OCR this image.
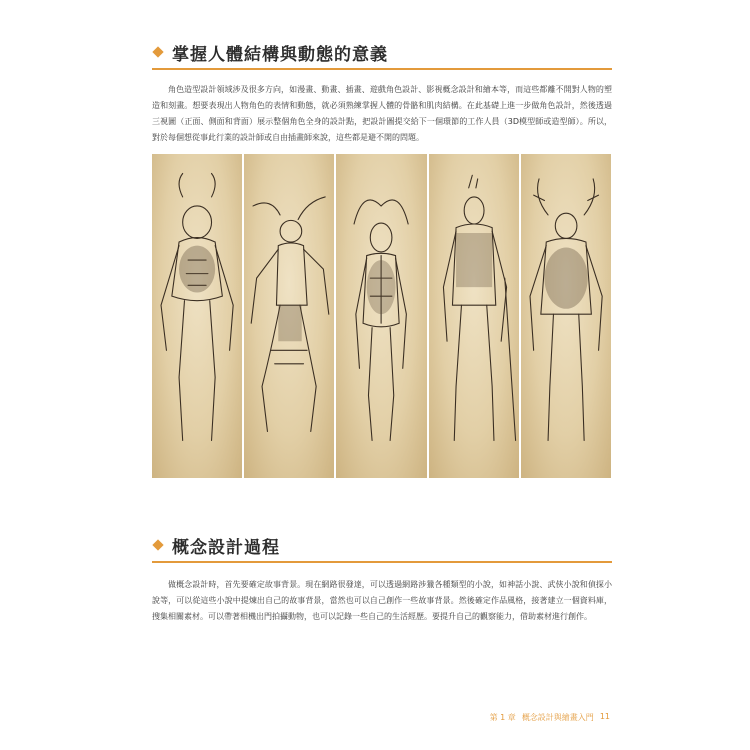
掌握人體結構與動態的意義

角色造型設計領域涉及很多方向，如漫畫、動畫、插畫、遊戲角色設計、影視概念設計和繪本等，而這些都離不開對人物的塑造和刻畫。想要表現出人物角色的表情和動態，就必須熟練掌握人體的骨骼和肌肉結構。在此基礎上進一步做角色設計，然後透過三視圖（正面、側面和背面）展示整個角色全身的設計點，把設計圖提交給下一個環節的工作人員（3D模型師或造型師）。所以，對於每個想從事此行業的設計師或自由插畫師來說，這些都是避不開的問題。

概念設計過程

做概念設計時，首先要確定故事背景。現在網路很發達，可以透過網路涉獵各種類型的小說，如神話小說、武俠小說和偵探小說等，可以從這些小說中提煉出自己的故事背景，當然也可以自己創作一些故事背景。然後確定作品風格，接著建立一個資料庫，搜集相關素材。可以帶著相機出門拍攝動物，也可以記錄一些自己的生活經歷。要提升自己的觀察能力，借助素材進行創作。

第 1 章 概念設計與繪畫入門 11
